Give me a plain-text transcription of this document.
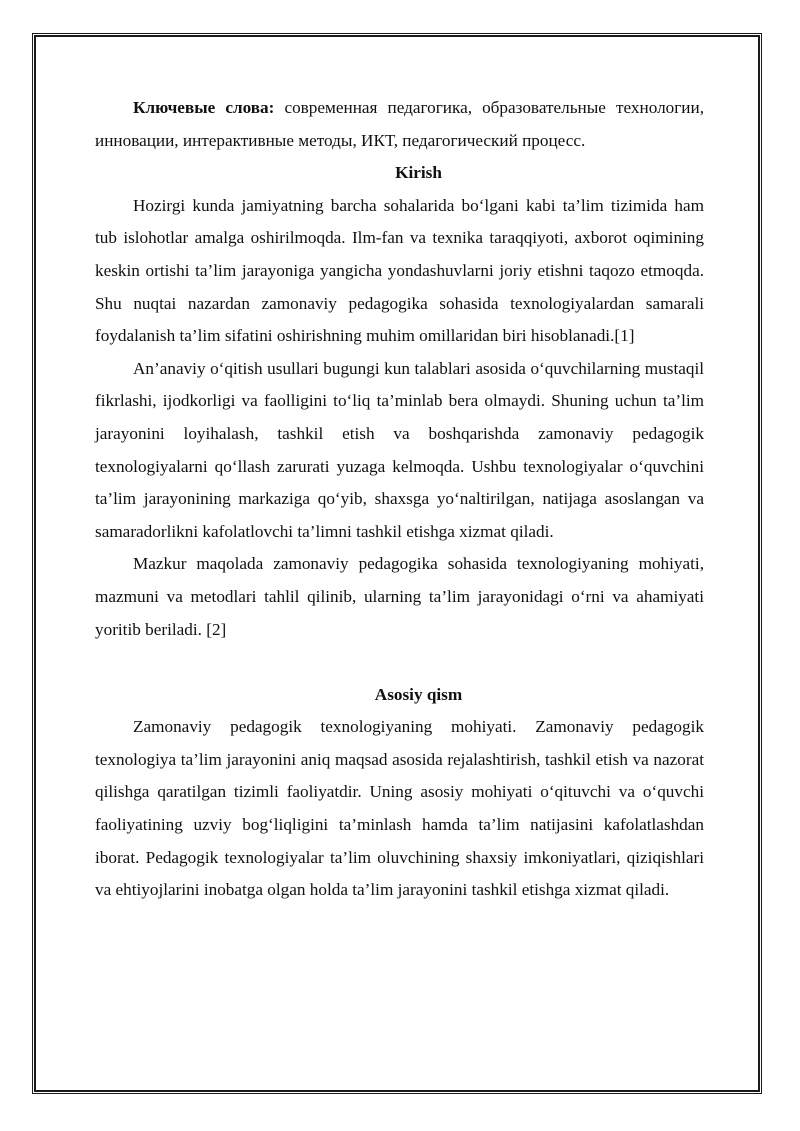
Ключевые слова: современная педагогика, образовательные технологии, инновации, интерактивные методы, ИКТ, педагогический процесс.

Kirish

Hozirgi kunda jamiyatning barcha sohalarida bo‘lgani kabi ta’lim tizimida ham tub islohotlar amalga oshirilmoqda. Ilm-fan va texnika taraqqiyoti, axborot oqimining keskin ortishi ta’lim jarayoniga yangicha yondashuvlarni joriy etishni taqozo etmoqda. Shu nuqtai nazardan zamonaviy pedagogika sohasida texnologiyalardan samarali foydalanish ta’lim sifatini oshirishning muhim omillaridan biri hisoblanadi.[1]

An’anaviy o‘qitish usullari bugungi kun talablari asosida o‘quvchilarning mustaqil fikrlashi, ijodkorligi va faolligini to‘liq ta’minlab bera olmaydi. Shuning uchun ta’lim jarayonini loyihalash, tashkil etish va boshqarishda zamonaviy pedagogik texnologiyalarni qo‘llash zarurati yuzaga kelmoqda. Ushbu texnologiyalar o‘quvchini ta’lim jarayonining markaziga qo‘yib, shaxsga yo‘naltirilgan, natijaga asoslangan va samaradorlikni kafolatlovchi ta’limni tashkil etishga xizmat qiladi.

Mazkur maqolada zamonaviy pedagogika sohasida texnologiyaning mohiyati, mazmuni va metodlari tahlil qilinib, ularning ta’lim jarayonidagi o‘rni va ahamiyati yoritib beriladi. [2]

Asosiy qism

Zamonaviy pedagogik texnologiyaning mohiyati. Zamonaviy pedagogik texnologiya ta’lim jarayonini aniq maqsad asosida rejalashtirish, tashkil etish va nazorat qilishga qaratilgan tizimli faoliyatdir. Uning asosiy mohiyati o‘qituvchi va o‘quvchi faoliyatining uzviy bog‘liqligini ta’minlash hamda ta’lim natijasini kafolatlashdan iborat. Pedagogik texnologiyalar ta’lim oluvchining shaxsiy imkoniyatlari, qiziqishlari va ehtiyojlarini inobatga olgan holda ta’lim jarayonini tashkil etishga xizmat qiladi.
